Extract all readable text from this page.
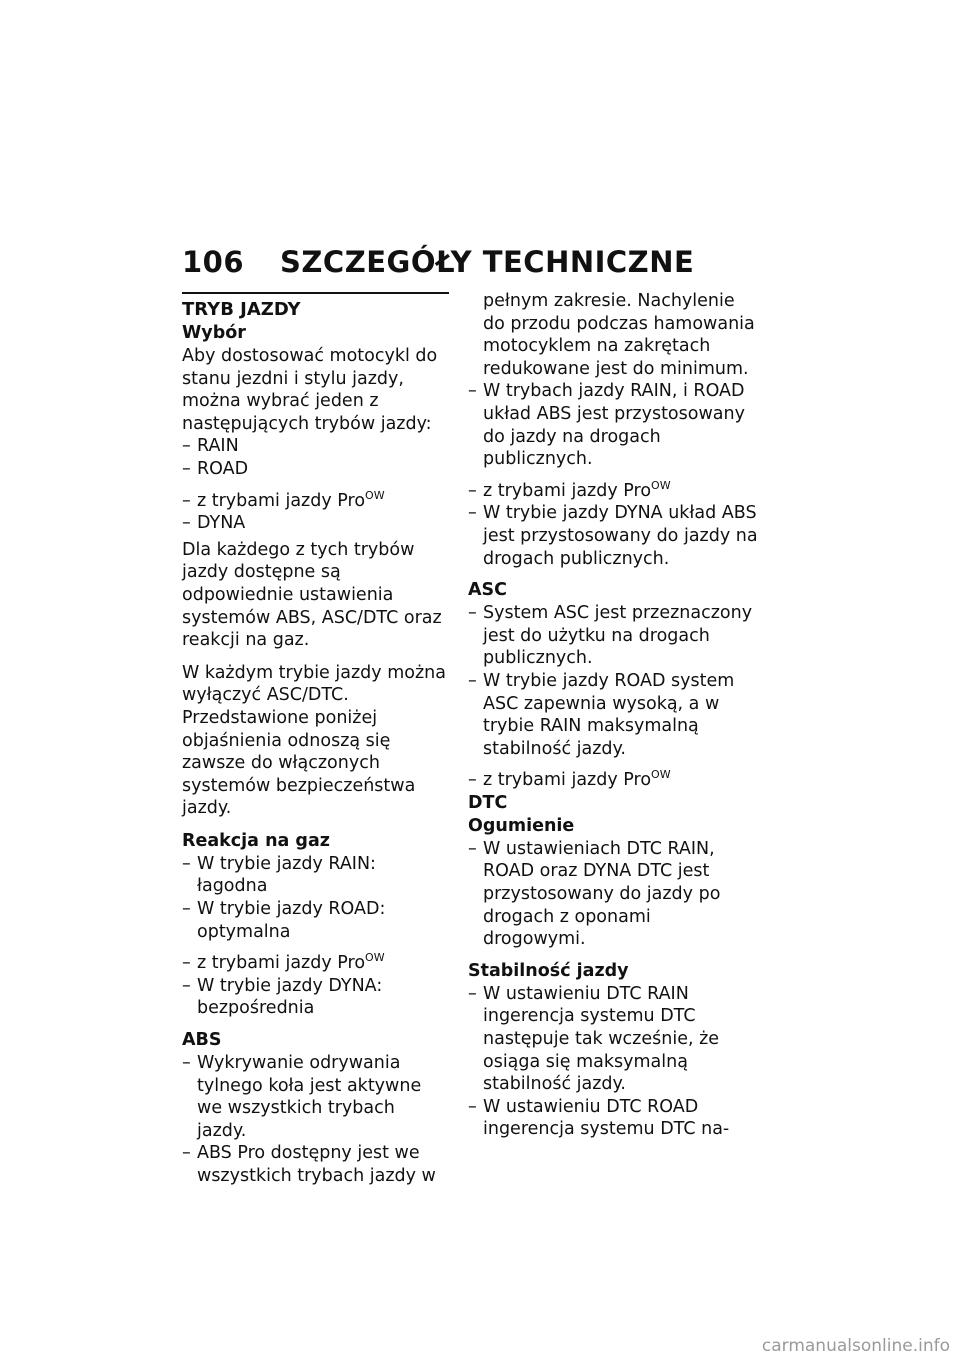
106 SZCZEGÓŁY TECHNICZNE
TRYB JAZDY
Wybór

Aby dostosować motocykl do stanu jezdni i stylu jazdy, można wybrać jeden z następujących trybów jazdy:

– RAIN
– ROAD
– z trybami jazdy Pro$^{OW}$
– DYNA

Dla każdego z tych trybów jazdy dostępne są odpowiednie ustawienia systemów ABS, ASC/DTC oraz reakcji na gaz.

W każdym trybie jazdy można wyłączyć ASC/DTC. Przedstawione poniżej objaśnienia odnoszą się zawsze do włączonych systemów bezpieczeństwa jazdy.

Reakcja na gaz
– W trybie jazdy RAIN: łagodna
– W trybie jazdy ROAD: optymalna
– z trybami jazdy Pro$^{OW}$
– W trybie jazdy DYNA: bezpośrednia
ABS
– Wykrywanie odrywania tylnego koła jest aktywne we wszystkich trybach jazdy.
– ABS Pro dostępny jest we wszystkich trybach jazdy w

pełnym zakresie. Nachylenie do przodu podczas hamowania motocyklem na zakrętach redukowane jest do minimum.

– W trybach jazdy RAIN, i ROAD układ ABS jest przystosowany do jazdy na drogach publicznych.
– z trybami jazdy Pro$^{OW}$
– W trybie jazdy DYNA układ ABS jest przystosowany do jazdy na drogach publicznych.
ASC
– System ASC jest przeznaczony jest do użytku na drogach publicznych.
– W trybie jazdy ROAD system ASC zapewnia wysoką, a w trybie RAIN maksymalną stabilność jazdy.
– z trybami jazdy Pro$^{OW}$
DTC
Ogumienie
– W ustawieniach DTC RAIN, ROAD oraz DYNA DTC jest przystosowany do jazdy po drogach z oponami drogowymi.
Stabilność jazdy
– W ustawieniu DTC RAIN ingerencja systemu DTC następuje tak wcześnie, że osiąga się maksymalną stabilność jazdy.
– W ustawieniu DTC ROAD ingerencja systemu DTC na-
carmanualsonline.info
